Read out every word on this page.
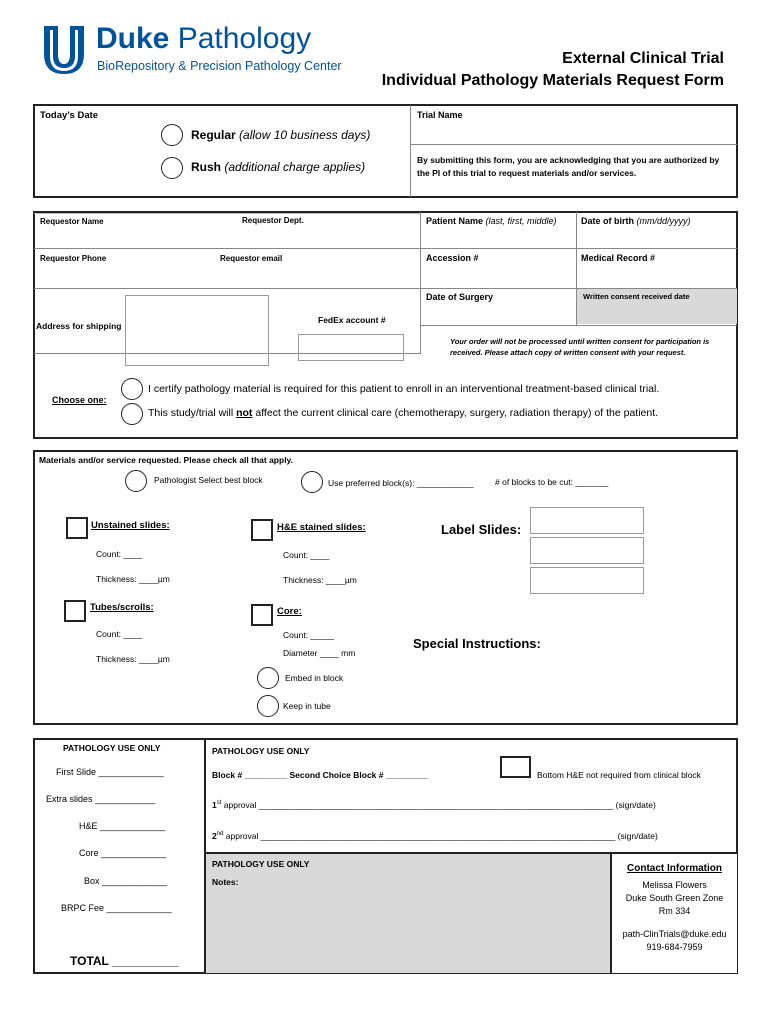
Duke Pathology
BioRepository & Precision Pathology Center	External Clinical Trial
Individual Pathology Materials Request Form
Today’s Date
Regular (allow 10 business days)
Rush (additional charge applies)
Trial Name
By submitting this form, you are acknowledging that you are authorized by
the PI of this trial to request materials and/or services.
Requestor Name	Requestor Dept.
Requestor Phone	Requestor email
Address for shipping
FedEx account #
Patient Name (last, first, middle)	Date of birth (mm/dd/yyyy)
Accession #	Medical Record #
Date of Surgery	Written consent received date
Your order will not be processed until written consent for participation is
received. Please attach copy of written consent with your request.
Choose one:
I certify pathology material is required for this patient to enroll in an interventional treatment-based clinical trial.
This study/trial will not affect the current clinical care (chemotherapy, surgery, radiation therapy) of the patient.
Materials and/or service requested. Please check all that apply.
Pathologist Select best block	Use preferred block(s): ____________	# of blocks to be cut: _______
Unstained slides:
Count: ____
Thickness: ____µm
H&E stained slides:
Count: ____
Thickness: ____µm
Label Slides:
Tubes/scrolls:
Count: ____
Thickness: ____µm
Core:
Count: _____
Diameter ____ mm
Special Instructions:
Embed in block
Keep in tube
PATHOLOGY USE ONLY
First Slide _____________
Extra slides ____________
H&E _____________
Core _____________
Box _____________
BRPC Fee _____________
TOTAL __________
PATHOLOGY USE ONLY
Block # _________ Second Choice Block # _________	Bottom H&E not required from clinical block
1st approval ___________________________________________________________________________ (sign/date)
2nd approval ___________________________________________________________________________ (sign/date)
PATHOLOGY USE ONLY
Notes:
Contact Information
Melissa Flowers
Duke South Green Zone
Rm 334
path-ClinTrials@duke.edu
919-684-7959
